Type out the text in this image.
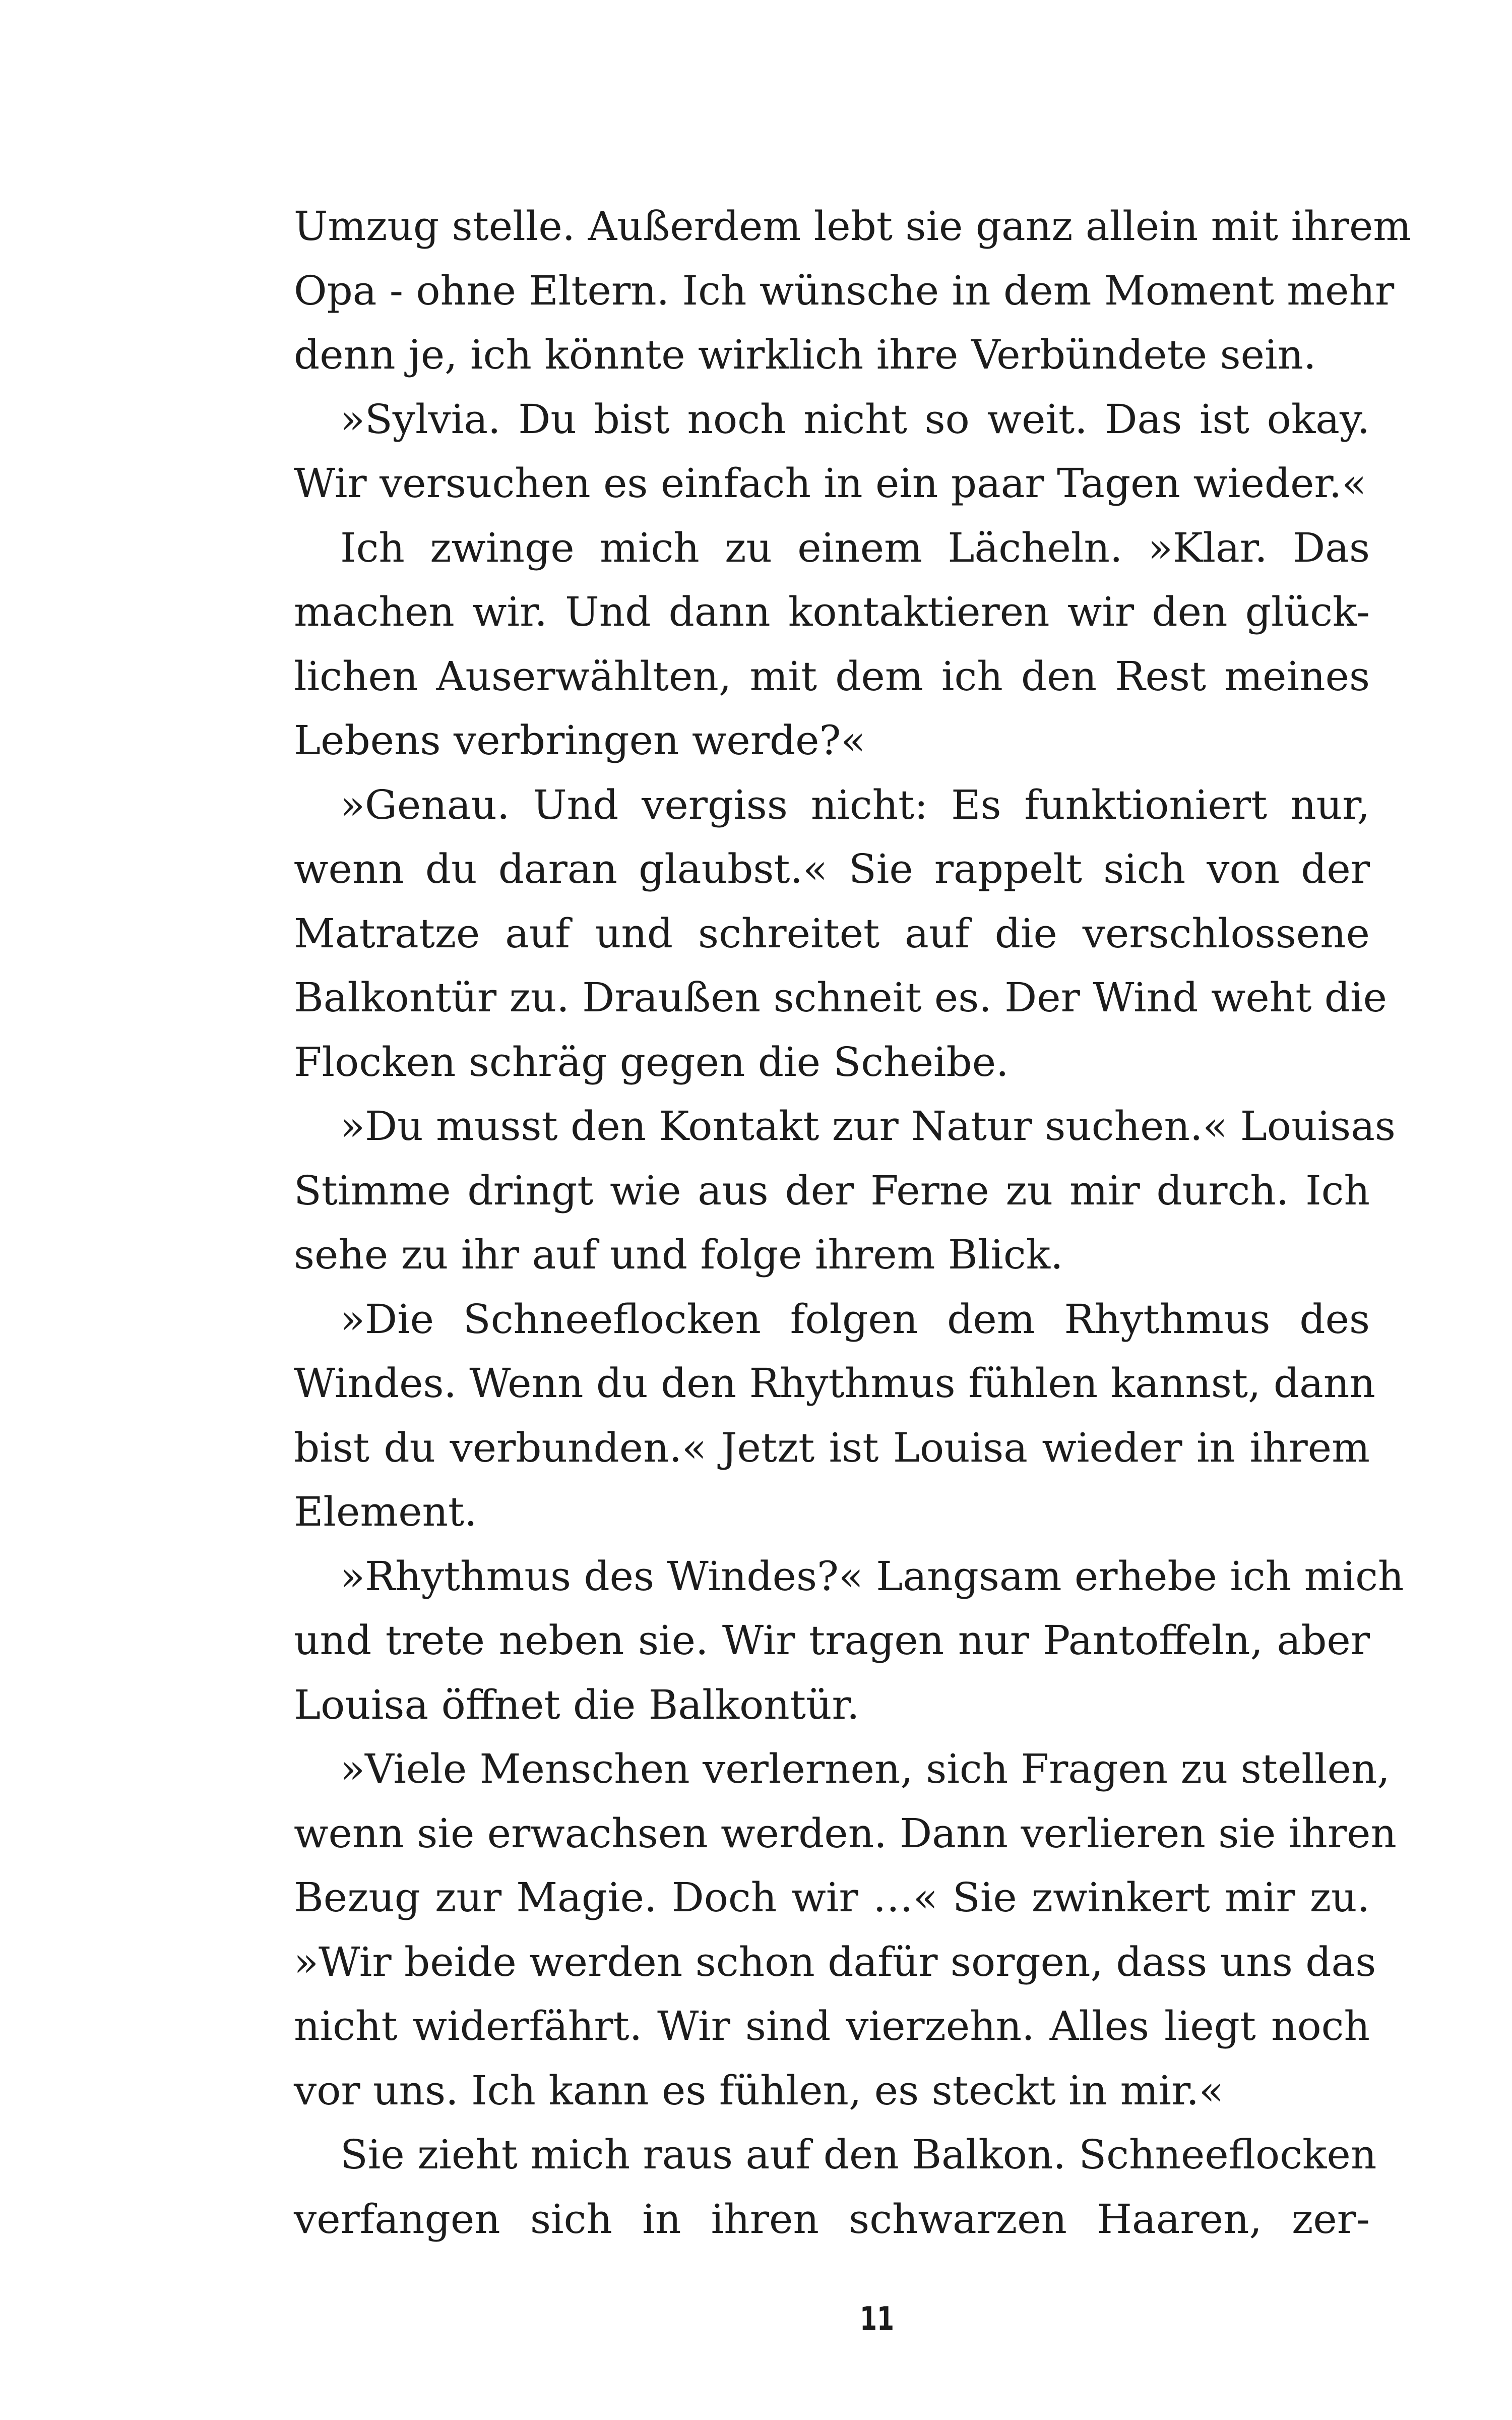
Umzug stelle. Außerdem lebt sie ganz allein mit ihrem
Opa - ohne Eltern. Ich wünsche in dem Moment mehr
denn je, ich könnte wirklich ihre Verbündete sein.
»Sylvia. Du bist noch nicht so weit. Das ist okay.
Wir versuchen es einfach in ein paar Tagen wieder.«
Ich zwinge mich zu einem Lächeln. »Klar. Das
machen wir. Und dann kontaktieren wir den glück-
lichen Auserwählten, mit dem ich den Rest meines
Lebens verbringen werde?«
»Genau. Und vergiss nicht: Es funktioniert nur,
wenn du daran glaubst.« Sie rappelt sich von der
Matratze auf und schreitet auf die verschlossene
Balkontür zu. Draußen schneit es. Der Wind weht die
Flocken schräg gegen die Scheibe.
»Du musst den Kontakt zur Natur suchen.« Louisas
Stimme dringt wie aus der Ferne zu mir durch. Ich
sehe zu ihr auf und folge ihrem Blick.
»Die Schneeflocken folgen dem Rhythmus des
Windes. Wenn du den Rhythmus fühlen kannst, dann
bist du verbunden.« Jetzt ist Louisa wieder in ihrem
Element.
»Rhythmus des Windes?« Langsam erhebe ich mich
und trete neben sie. Wir tragen nur Pantoffeln, aber
Louisa öffnet die Balkontür.
»Viele Menschen verlernen, sich Fragen zu stellen,
wenn sie erwachsen werden. Dann verlieren sie ihren
Bezug zur Magie. Doch wir …« Sie zwinkert mir zu.
»Wir beide werden schon dafür sorgen, dass uns das
nicht widerfährt. Wir sind vierzehn. Alles liegt noch
vor uns. Ich kann es fühlen, es steckt in mir.«
Sie zieht mich raus auf den Balkon. Schneeflocken
verfangen sich in ihren schwarzen Haaren, zer-
11
